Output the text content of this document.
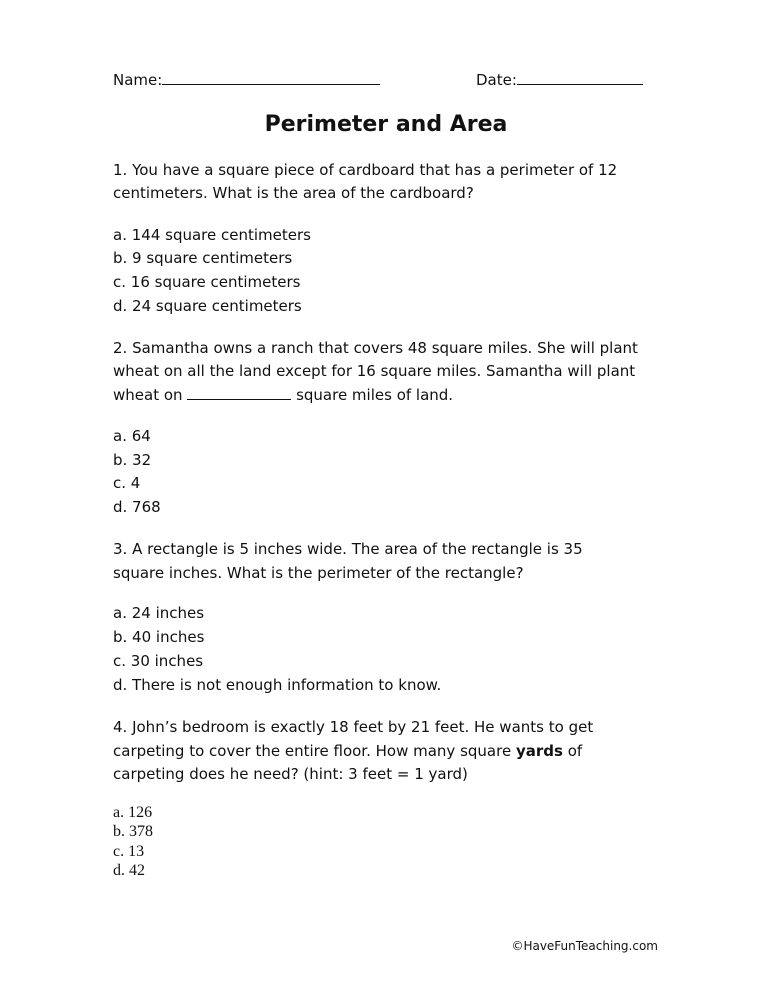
Name:	Date:
Perimeter and Area
1. You have a square piece of cardboard that has a perimeter of 12
centimeters. What is the area of the cardboard?
a. 144 square centimeters
b. 9 square centimeters
c. 16 square centimeters
d. 24 square centimeters
2. Samantha owns a ranch that covers 48 square miles. She will plant
wheat on all the land except for 16 square miles. Samantha will plant
wheat on	square miles of land.
a. 64
b. 32
c. 4
d. 768
3. A rectangle is 5 inches wide. The area of the rectangle is 35
square inches. What is the perimeter of the rectangle?
a. 24 inches
b. 40 inches
c. 30 inches
d. There is not enough information to know.
4. John’s bedroom is exactly 18 feet by 21 feet. He wants to get
carpeting to cover the entire floor. How many square yards of
carpeting does he need? (hint: 3 feet = 1 yard)
a. 126
b. 378
c. 13
d. 42
©HaveFunTeaching.com
